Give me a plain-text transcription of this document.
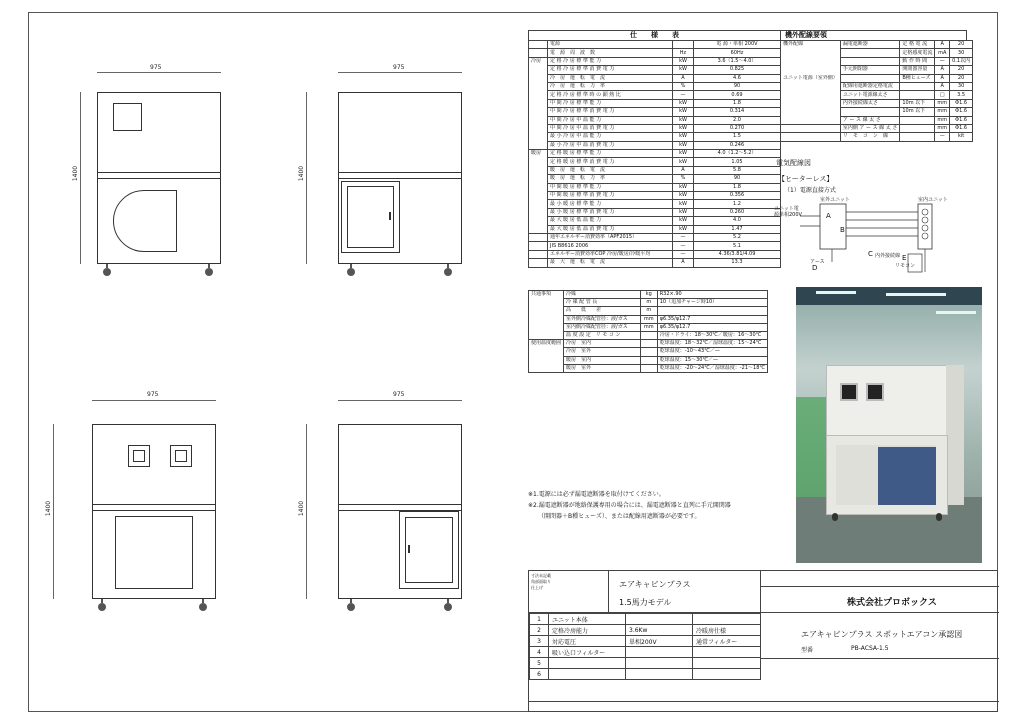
975
1400
975
1400
975
1400
975
1400
仕　　様　　表
	電源		電 源・単相 200V
	電　源　周　波　数	Hz	60Hz
冷房	定 格 冷 房 標 準 能 力	kW	3.6（1.5〜4.0）
	定 格 冷 房 標 準 消 費 電 力	kW	0.825
	冷　房　運　転　電　流	A	4.6
	冷　房　運　転　力　率	%	90
	定 格 冷 房 標 準 時 の 顕 熱 比	—	0.69
	中 間 冷 房 標 準 能 力	kW	1.8
	中 間 冷 房 標 準 消 費 電 力	kW	0.314
	中 間 冷 房 中 温 能 力	kW	2.0
	中 間 冷 房 中 温 消 費 電 力	kW	0.270
	最 小 冷 房 中 温 能 力	kW	1.5
	最 小 冷 房 中 温 消 費 電 力	kW	0.246
暖房	定 格 暖 房 標 準 能 力	kW	4.0（1.2〜5.2）
	定 格 暖 房 標 準 消 費 電 力	kW	1.05
	暖　房　運　転　電　流	A	5.8
	暖　房　運　転　力　率	%	90
	中 間 暖 房 標 準 能 力	kW	1.8
	中 間 暖 房 標 準 消 費 電 力	kW	0.356
	最 小 暖 房 標 準 能 力	kW	1.2
	最 小 暖 房 標 準 消 費 電 力	kW	0.260
	最 大 暖 房 低 温 能 力	kW	4.0
	最 大 暖 房 低 温 消 費 電 力	kW	1.47
	通年エネルギー消費効率（APF2015）	—	5.2
	JIS B8616 2006	—	5.1
	エネルギー消費効率COP 冷房/暖房/冷暖平均	—	4.36/3.81/4.09
	最　大　運　転　電　流	A	13.3
機外配線要領
機外配線	漏電遮断器	定 格 電 流	A	20
		定格感度電流	mA	30
		動 作 時 間	—	0.1以内
	手元開閉器	開閉器容量	A	20
ユニット電源（室外側）		B種ヒューズ	A	20
	配線用遮断器定格電流		A	30
	ユニット電源線太さ		□	3.5
	内外接続線太さ	10m 以下	mm	Φ1.6
		10m 以下	mm	Φ1.6
	ア ー ス 線 太 さ		mm	Φ1.6
	室内側 ア ー ス 線 太 さ		mm	Φ1.6
	リ　モ　コ　ン　線		—	kit
電気配線図
【ヒーターレス】
（1）電源直接方式
室外ユニット	室内ユニット
ユニット電源単相200V
内外接続線
リモコン
アース
A
B
C
D
E
共通事項	冷媒	kg	R32×.90
	冷 媒 配 管 長	m	10（追加チャージ時10）
	高　　低　　差	m	
	室外側冷媒配管径：液/ガス	mm	φ6.35/φ12.7
	室内側冷媒配管径：液/ガス	mm	φ6.35/φ12.7
	温 度 設 定　リ モ コ ン		冷房・ドライ：18〜30℃／暖房：16〜30℃
使用温度範囲	冷房　室内		乾球温度：18〜32℃／湿球温度：15〜24℃
	冷房　室外		乾球温度：-10〜43℃／—
	暖房　室内		乾球温度：15〜30℃／—
	暖房　室外		乾球温度：-20〜24℃／湿球温度：-21〜18℃
※1.電源には必ず漏電遮断器を取付けてください。
※2.漏電遮断器が地絡保護専用の場合には、漏電遮断器と直列に手元開閉器
（開閉器＋B種ヒューズ）、または配線用遮断器が必要です。
寸法未記載
角部面取り
仕上げ	エアキャビンプラス
1.5馬力モデル	株式会社プロボックス
1	ユニット本体		
2	定格冷房能力	3.6Kw	冷暖房仕様
3	対応電圧	単相200V	通常フィルター
4	吸い込口フィルター		
5			
6			
エアキャビンプラス スポットエアコン承認図
型番	PB-ACSA-1.5
